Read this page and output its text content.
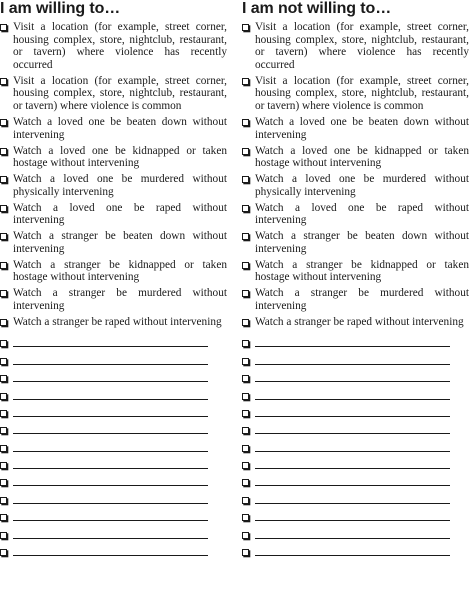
I am willing to…
Visit a location (for example, street corner, housing complex, store, nightclub, restaurant, or tavern) where violence has recently occurred
Visit a location (for example, street corner, housing complex, store, nightclub, restaurant, or tavern) where violence is common
Watch a loved one be beaten down without intervening
Watch a loved one be kidnapped or taken hostage without intervening
Watch a loved one be murdered without physically intervening
Watch a loved one be raped without intervening
Watch a stranger be beaten down without intervening
Watch a stranger be kidnapped or taken hostage without intervening
Watch a stranger be murdered without intervening
Watch a stranger be raped without intervening
I am not willing to…
Visit a location (for example, street corner, housing complex, store, nightclub, restaurant, or tavern) where violence has recently occurred
Visit a location (for example, street corner, housing complex, store, nightclub, restaurant, or tavern) where violence is common
Watch a loved one be beaten down without intervening
Watch a loved one be kidnapped or taken hostage without intervening
Watch a loved one be murdered without physically intervening
Watch a loved one be raped without intervening
Watch a stranger be beaten down without intervening
Watch a stranger be kidnapped or taken hostage without intervening
Watch a stranger be murdered without intervening
Watch a stranger be raped without intervening
